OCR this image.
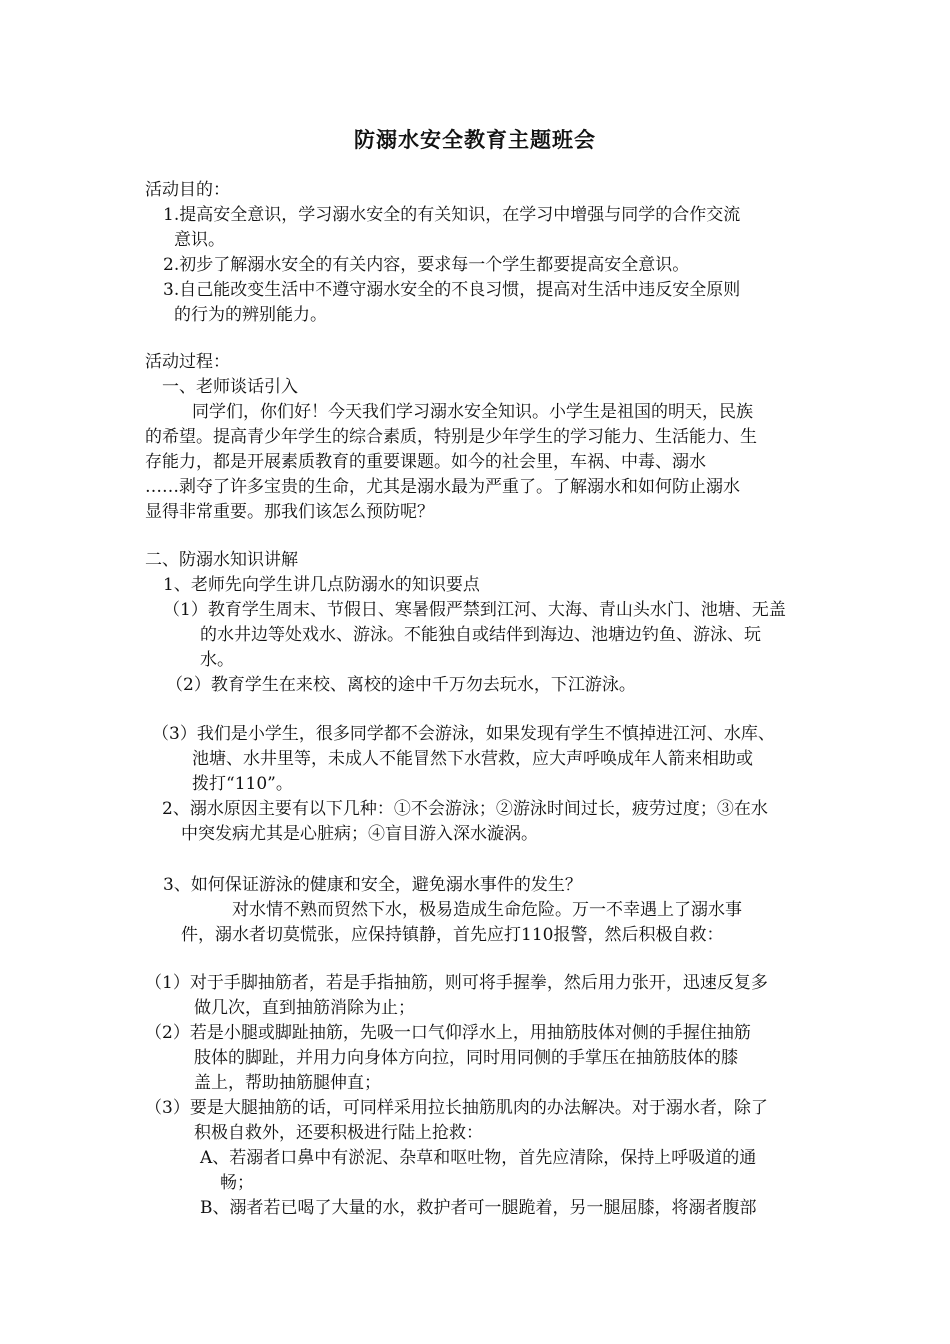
防溺水安全教育主题班会
活动目的：
1.提高安全意识，学习溺水安全的有关知识，在学习中增强与同学的合作交流
意识。
2.初步了解溺水安全的有关内容，要求每一个学生都要提高安全意识。
3.自己能改变生活中不遵守溺水安全的不良习惯，提高对生活中违反安全原则
的行为的辨别能力。
活动过程：
一、老师谈话引入
同学们，你们好！今天我们学习溺水安全知识。小学生是祖国的明天，民族
的希望。提高青少年学生的综合素质，特别是少年学生的学习能力、生活能力、生
存能力，都是开展素质教育的重要课题。如今的社会里，车祸、中毒、溺水
……剥夺了许多宝贵的生命，尤其是溺水最为严重了。了解溺水和如何防止溺水
显得非常重要。那我们该怎么预防呢？
二、防溺水知识讲解
1、老师先向学生讲几点防溺水的知识要点
（1）教育学生周末、节假日、寒暑假严禁到江河、大海、青山头水门、池塘、无盖
的水井边等处戏水、游泳。不能独自或结伴到海边、池塘边钓鱼、游泳、玩
水。
（2）教育学生在来校、离校的途中千万勿去玩水，下江游泳。
（3）我们是小学生，很多同学都不会游泳，如果发现有学生不慎掉进江河、水库、
池塘、水井里等，未成人不能冒然下水营救，应大声呼唤成年人箭来相助或
拨打“110”。
2、溺水原因主要有以下几种：①不会游泳；②游泳时间过长，疲劳过度；③在水
中突发病尤其是心脏病；④盲目游入深水漩涡。
3、如何保证游泳的健康和安全，避免溺水事件的发生？
对水情不熟而贸然下水，极易造成生命危险。万一不幸遇上了溺水事
件，溺水者切莫慌张，应保持镇静，首先应打110报警，然后积极自救：
（1）对于手脚抽筋者，若是手指抽筋，则可将手握拳，然后用力张开，迅速反复多
做几次，直到抽筋消除为止；
（2）若是小腿或脚趾抽筋，先吸一口气仰浮水上，用抽筋肢体对侧的手握住抽筋
肢体的脚趾，并用力向身体方向拉，同时用同侧的手掌压在抽筋肢体的膝
盖上，帮助抽筋腿伸直；
（3）要是大腿抽筋的话，可同样采用拉长抽筋肌肉的办法解决。对于溺水者，除了
积极自救外，还要积极进行陆上抢救：
A、若溺者口鼻中有淤泥、杂草和呕吐物，首先应清除，保持上呼吸道的通
畅；
B、溺者若已喝了大量的水，救护者可一腿跪着，另一腿屈膝，将溺者腹部
